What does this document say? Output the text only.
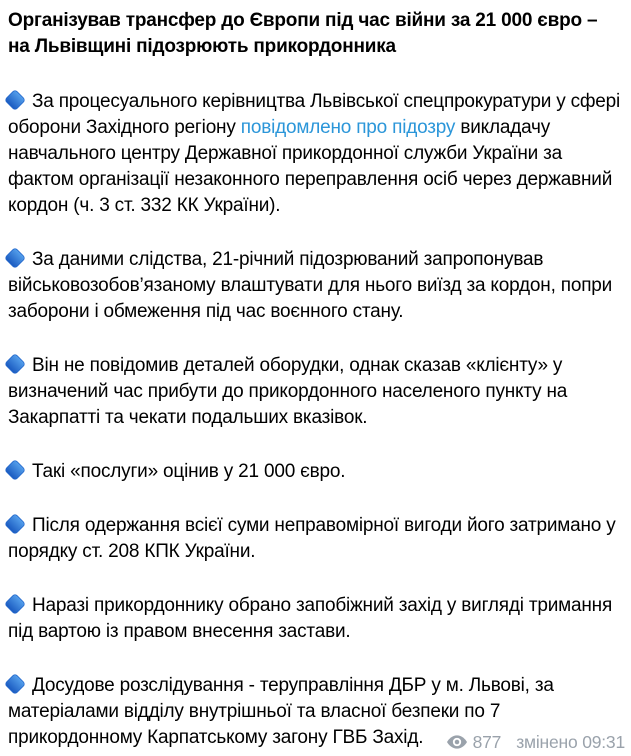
Організував трансфер до Європи під час війни за 21 000 євро – на Львівщині підозрюють прикордонника

За процесуального керівництва Львівської спецпрокуратури у сфері оборони Західного регіону повідомлено про підозру викладачу навчального центру Державної прикордонної служби України за фактом організації незаконного переправлення осіб через державний кордон (ч. 3 ст. 332 КК України).

За даними слідства, 21-річний підозрюваний запропонував військовозобов’язаному влаштувати для нього виїзд за кордон, попри заборони і обмеження під час воєнного стану.

Він не повідомив деталей оборудки, однак сказав «клієнту» у визначений час прибути до прикордонного населеного пункту на Закарпатті та чекати подальших вказівок.

Такі «послуги» оцінив у 21 000 євро.

Після одержання всієї суми неправомірної вигоди його затримано у порядку ст. 208 КПК України.

Наразі прикордоннику обрано запобіжний захід у вигляді тримання під вартою із правом внесення застави.

Досудове розслідування - теруправління ДБР у м. Львові, за матеріалами відділу внутрішньої та власної безпеки по 7 прикордонному Карпатському загону ГВБ Захід.	877 змінено 09:31
